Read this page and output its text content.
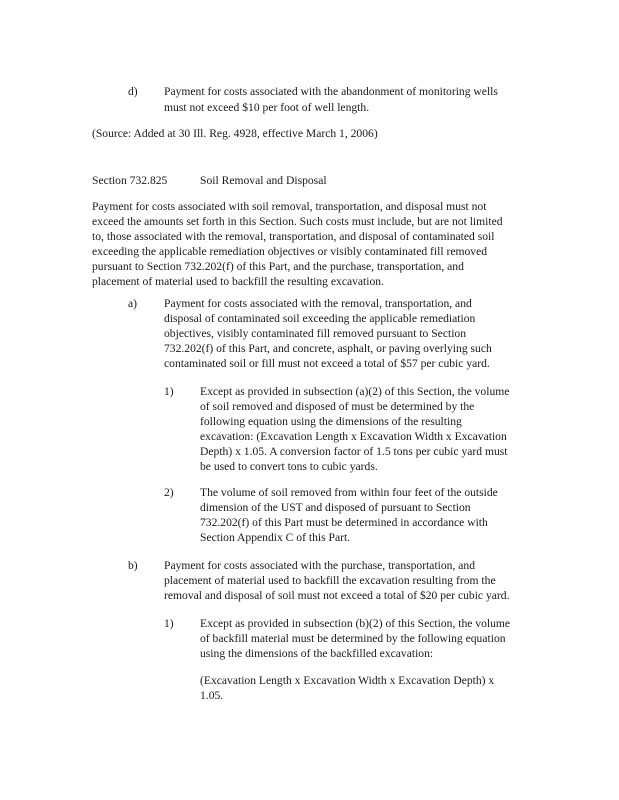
d) Payment for costs associated with the abandonment of monitoring wells
must not exceed $10 per foot of well length.
(Source: Added at 30 Ill. Reg. 4928, effective March 1, 2006)
Section 732.825	Soil Removal and Disposal
Payment for costs associated with soil removal, transportation, and disposal must not
exceed the amounts set forth in this Section. Such costs must include, but are not limited
to, those associated with the removal, transportation, and disposal of contaminated soil
exceeding the applicable remediation objectives or visibly contaminated fill removed
pursuant to Section 732.202(f) of this Part, and the purchase, transportation, and
placement of material used to backfill the resulting excavation.
a) Payment for costs associated with the removal, transportation, and
disposal of contaminated soil exceeding the applicable remediation
objectives, visibly contaminated fill removed pursuant to Section
732.202(f) of this Part, and concrete, asphalt, or paving overlying such
contaminated soil or fill must not exceed a total of $57 per cubic yard.
1) Except as provided in subsection (a)(2) of this Section, the volume
of soil removed and disposed of must be determined by the
following equation using the dimensions of the resulting
excavation: (Excavation Length x Excavation Width x Excavation
Depth) x 1.05. A conversion factor of 1.5 tons per cubic yard must
be used to convert tons to cubic yards.
2) The volume of soil removed from within four feet of the outside
dimension of the UST and disposed of pursuant to Section
732.202(f) of this Part must be determined in accordance with
Section Appendix C of this Part.
b) Payment for costs associated with the purchase, transportation, and
placement of material used to backfill the excavation resulting from the
removal and disposal of soil must not exceed a total of $20 per cubic yard.
1) Except as provided in subsection (b)(2) of this Section, the volume
of backfill material must be determined by the following equation
using the dimensions of the backfilled excavation:
(Excavation Length x Excavation Width x Excavation Depth) x
1.05.
